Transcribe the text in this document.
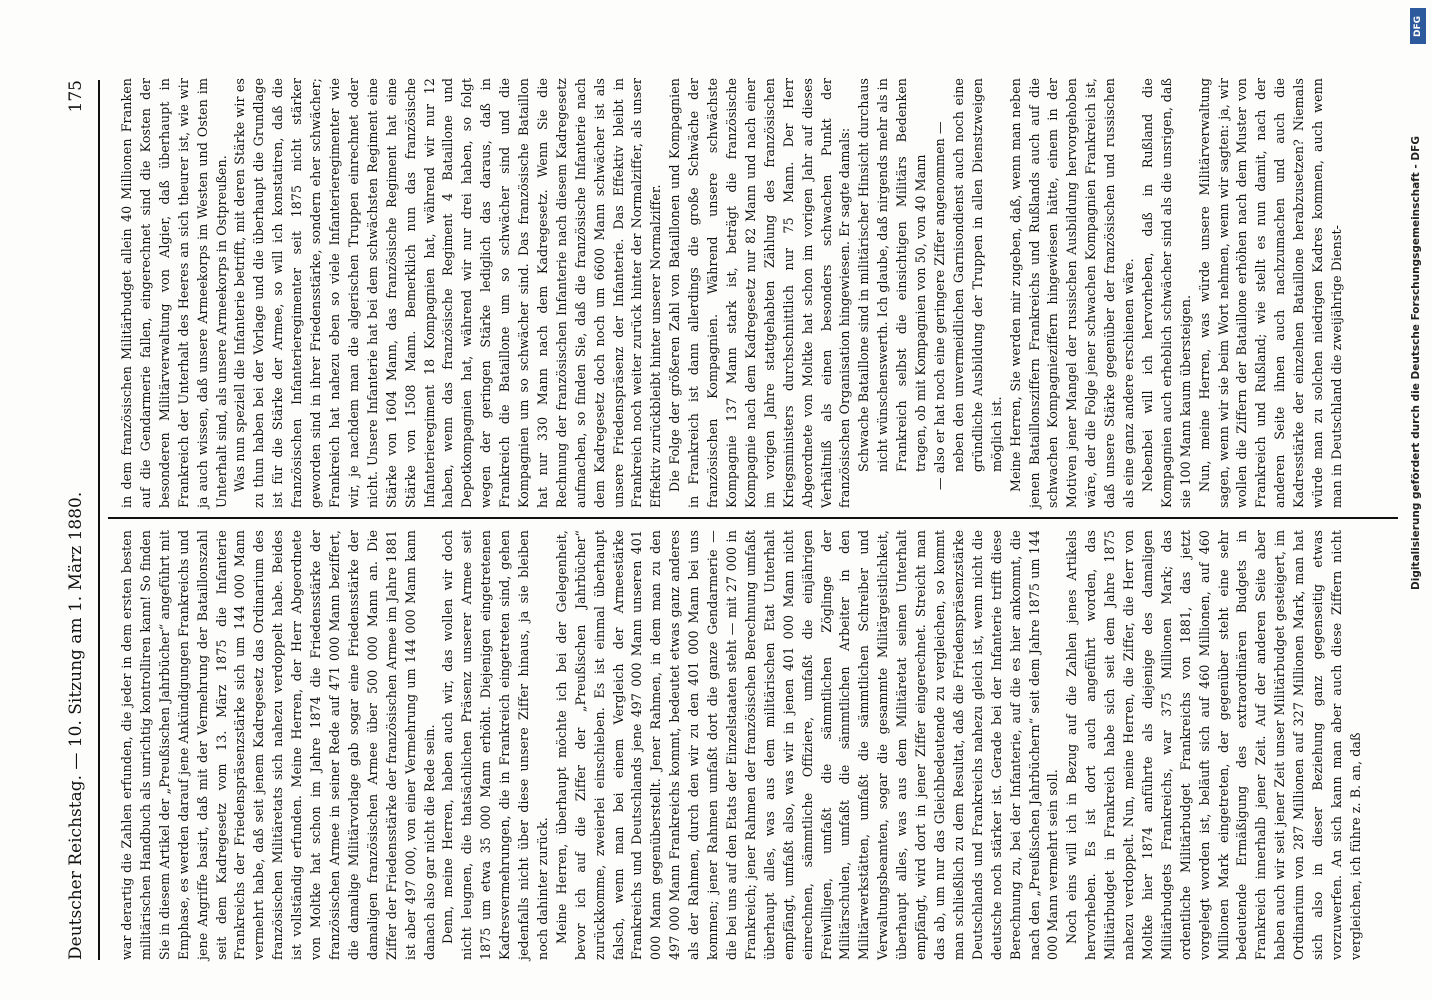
Deutscher Reichstag. — 10. Sitzung am 1. März 1880.
175

war derartig die Zahlen erfunden, die jeder in dem ersten besten militärischen Handbuch als unrichtig kontrolliren kann! So finden Sie in diesem Artikel der „Preußischen Jahrbücher“ angeführt mit Emphase, es werden darauf jene Ankündigungen Frankreichs und jene Angriffe basirt, daß mit der Vermehrung der Bataillonszahl seit dem Kadregesetz vom 13. März 1875 die Infanterie Frankreichs der Friedenspräsenzstärke sich um 144 000 Mann vermehrt habe, daß seit jenem Kadregesetz das Ordinarium des französischen Militäretats sich nahezu verdoppelt habe. Beides ist vollständig erfunden. Meine Herren, der Herr Abgeordnete von Moltke hat schon im Jahre 1874 die Friedensstärke der französischen Armee in seiner Rede auf 471 000 Mann beziffert, die damalige Militärvorlage gab sogar eine Friedensstärke der damaligen französischen Armee über 500 000 Mann an. Die Ziffer der Friedensstärke der französischen Armee im Jahre 1881 ist aber 497 000, von einer Vermehrung um 144 000 Mann kann danach also gar nicht die Rede sein. Denn, meine Herren, haben auch wir, das wollen wir doch nicht leugnen, die thatsächlichen Präsenz unserer Armee seit 1875 um etwa 35 000 Mann erhöht. Diejenigen eingetretenen Kadresvermehrungen, die in Frankreich eingetreten sind, gehen jedenfalls nicht über diese unsere Ziffer hinaus, ja sie bleiben noch dahinter zurück. Meine Herren, überhaupt möchte ich bei der Gelegenheit, bevor ich auf die Ziffer der „Preußischen Jahrbücher“ zurückkomme, zweierlei einschieben. Es ist einmal überhaupt falsch, wenn man bei einem Vergleich der Armeestärke Frankreichs und Deutschlands jene 497 000 Mann unseren 401 000 Mann gegenüberstellt. Jener Rahmen, in dem man zu den 497 000 Mann Frankreichs kommt, bedeutet etwas ganz anderes als der Rahmen, durch den wir zu den 401 000 Mann bei uns kommen; jener Rahmen umfaßt dort die ganze Gendarmerie — die bei uns auf den Etats der Einzelstaaten steht — mit 27 000 in Frankreich; jener Rahmen der französischen Berechnung umfaßt überhaupt alles, was aus dem militärischen Etat Unterhalt empfängt, umfaßt also, was wir in jenen 401 000 Mann nicht einrechnen, sämmtliche Offiziere, umfaßt die einjährigen Freiwilligen, umfaßt die sämmtlichen Zöglinge der Militärschulen, umfaßt die sämmtlichen Arbeiter in den Militärwerkstätten, umfaßt die sämmtlichen Schreiber und Verwaltungsbeamten, sogar die gesammte Militärgeistlichkeit, überhaupt alles, was aus dem Militäretat seinen Unterhalt empfängt, wird dort in jener Ziffer eingerechnet. Streicht man das ab, um nur das Gleichbedeutende zu vergleichen, so kommt man schließlich zu dem Resultat, daß die Friedenspräsenzstärke Deutschlands und Frankreichs nahezu gleich ist, wenn nicht die deutsche noch stärker ist. Gerade bei der Infanterie trifft diese Berechnung zu, bei der Infanterie, auf die es hier ankommt, die nach den „Preußischen Jahrbüchern“ seit dem Jahre 1875 um 144 000 Mann vermehrt sein soll. Noch eins will ich in Bezug auf die Zahlen jenes Artikels hervorheben. Es ist dort auch angeführt worden, das Militärbudget in Frankreich habe sich seit dem Jahre 1875 nahezu verdoppelt. Nun, meine Herren, die Ziffer, die Herr von Moltke hier 1874 anführte als diejenige des damaligen Militärbudgets Frankreichs, war 375 Millionen Mark; das ordentliche Militärbudget Frankreichs von 1881, das jetzt vorgelegt worden ist, beläuft sich auf 460 Millionen, auf 460 Millionen Mark eingetreten, der gegenüber steht eine sehr bedeutende Ermäßigung des extraordinären Budgets in Frankreich innerhalb jener Zeit. Auf der anderen Seite aber haben auch wir seit jener Zeit unser Militärbudget gesteigert, im Ordinarium von 287 Millionen auf 327 Millionen Mark, man hat sich also in dieser Beziehung ganz gegenseitig etwas vorzuwerfen. An sich kann man aber auch diese Ziffern nicht vergleichen, ich führe z. B. an, daß

in dem französischen Militärbudget allein 40 Millionen Franken auf die Gendarmerie fallen, eingerechnet sind die Kosten der besonderen Militärverwaltung von Algier, daß überhaupt in Frankreich der Unterhalt des Heeres an sich theurer ist, wie wir ja auch wissen, daß unsere Armeekorps im Westen und Osten im Unterhalt sind, als unsere Armeekorps in Ostpreußen. Was nun speziell die Infanterie betrifft, mit deren Stärke wir es zu thun haben bei der Vorlage und die überhaupt die Grundlage ist für die Stärke der Armee, so will ich konstatiren, daß die französischen Infanterieregimenter seit 1875 nicht stärker geworden sind in ihrer Friedensstärke, sondern eher schwächer; Frankreich hat nahezu eben so viele Infanterieregimenter wie wir, je nachdem man die algerischen Truppen einrechnet oder nicht. Unsere Infanterie hat bei dem schwächsten Regiment eine Stärke von 1604 Mann, das französische Regiment hat eine Stärke von 1508 Mann. Bemerklich nun das französische Infanterieregiment 18 Kompagnien hat, während wir nur 12 haben, wenn das französische Regiment 4 Bataillone und Depotkompagnien hat, während wir nur drei haben, so folgt wegen der geringen Stärke lediglich das daraus, daß in Frankreich die Bataillone um so schwächer sind und die Kompagnien um so schwächer sind. Das französische Bataillon hat nur 330 Mann nach dem Kadregesetz. Wenn Sie die Rechnung der französischen Infanterie nach diesem Kadregesetz aufmachen, so finden Sie, daß die französische Infanterie nach dem Kadregesetz doch noch um 6600 Mann schwächer ist als unsere Friedenspräsenz der Infanterie. Das Effektiv bleibt in Frankreich noch weiter zurück hinter der Normalziffer, als unser Effektiv zurückbleibt hinter unserer Normalziffer. Die Folge der größeren Zahl von Bataillonen und Kompagnien in Frankreich ist dann allerdings die große Schwäche der französischen Kompagnien. Während unsere schwächste Kompagnie 137 Mann stark ist, beträgt die französische Kompagnie nach dem Kadregesetz nur 82 Mann und nach einer im vorigen Jahre stattgehabten Zählung des französischen Kriegsministers durchschnittlich nur 75 Mann. Der Herr Abgeordnete von Moltke hat schon im vorigen Jahr auf dieses Verhältniß als einen besonders schwachen Punkt der französischen Organisation hingewiesen. Er sagte damals: Schwache Bataillone sind in militärischer Hinsicht durchaus nicht wünschenswerth. Ich glaube, daß nirgends mehr als in Frankreich selbst die einsichtigen Militärs Bedenken tragen, ob mit Kompagnien von 50, von 40 Mann — also er hat noch eine geringere Ziffer angenommen — neben den unvermeidlichen Garnisondienst auch noch eine gründliche Ausbildung der Truppen in allen Dienstzweigen möglich ist. Meine Herren, Sie werden mir zugeben, daß, wenn man neben jenen Bataillonsziffern Frankreichs und Rußlands auch auf die schwachen Kompagnieziffern hingewiesen hätte, einem in der Motiven jener Mangel der russischen Ausbildung hervorgehoben wäre, der die Folge jener schwachen Kompagnien Frankreich ist, daß unsere Stärke gegenüber der französischen und russischen als eine ganz andere erschienen wäre. Nebenbei will ich hervorheben, daß in Rußland die Kompagnien auch erheblich schwächer sind als die unsrigen, daß sie 100 Mann kaum übersteigen. Nun, meine Herren, was würde unsere Militärverwaltung sagen, wenn wir sie beim Wort nehmen, wenn wir sagten: ja, wir wollen die Ziffern der Bataillone erhöhen nach dem Muster von Frankreich und Rußland; wie stellt es nun damit, nach der anderen Seite ihnen auch nachzumachen und auch die Kadresstärke der einzelnen Bataillone herabzusetzen? Niemals würde man zu solchen niedrigen Kadres kommen, auch wenn man in Deutschland die zweijährige Dienst-	Digitalisierung gefördert durch die Deutsche Forschungsgemeinschaft - DFG
DFG
